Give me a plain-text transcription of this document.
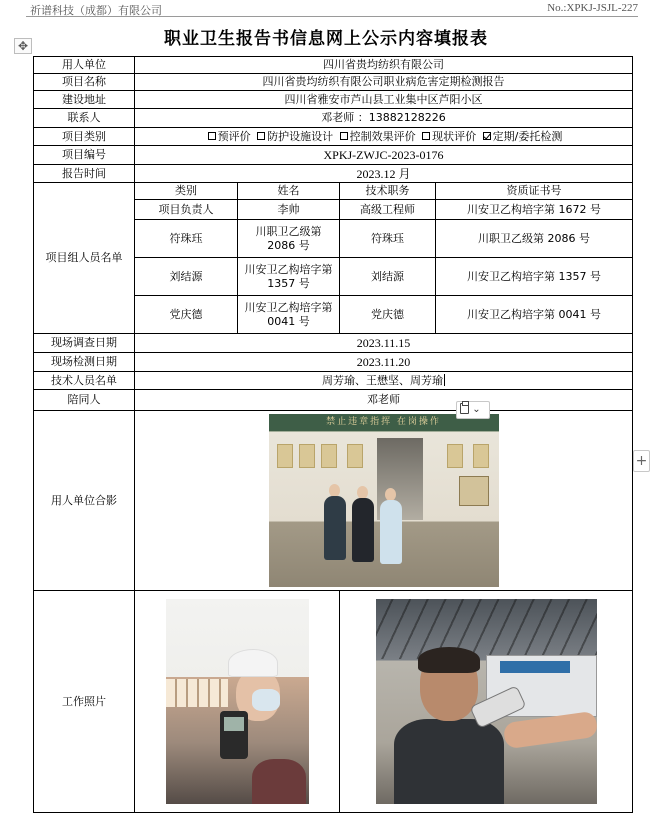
祈谱科技（成都）有限公司	No.:XPKJ-JSJL-227
✥	职业卫生报告书信息网上公示内容填报表
用人单位	四川省贵均纺织有限公司			
项目名称	四川省贵均纺织有限公司职业病危害定期检测报告			
建设地址	四川省雅安市芦山县工业集中区芦阳小区			
联系人	邓老师 ：13882128226			
项目类别	预评价 防护设施设计 控制效果评价 现状评价 定期/委托检测			
项目编号	XPKJ-ZWJC-2023-0176			
报告时间	2023.12 月			
项目组人员名单	类别	姓名	技术职务	资质证书号
	项目负责人	李帅	高级工程师	川安卫乙构培字第 1672 号
	符珠珏	川职卫乙级第 2086 号	符珠珏	川职卫乙级第 2086 号
	刘结源	川安卫乙构培字第 1357 号	刘结源	川安卫乙构培字第 1357 号
	党庆德	川安卫乙构培字第 0041 号	党庆德	川安卫乙构培字第 0041 号
现场调查日期	2023.11.15			
现场检测日期	2023.11.20			
技术人员名单	周芳瑜、王懋坚、周芳瑜			
陪同人	邓老师			
用人单位合影	禁止违章指挥 在岗操作			

工作照片			

⌄
+
